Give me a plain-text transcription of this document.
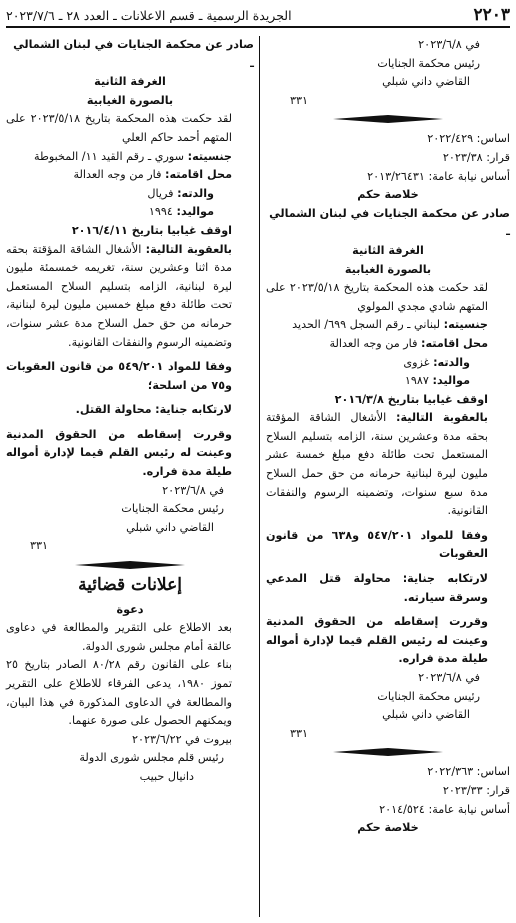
٢٢٠٣
الجريدة الرسمية ـ قسم الاعلانات ـ العدد ٢٨ ـ ٢٠٢٣/٧/٦

في ٢٠٢٣/٦/٨

رئيس محكمة الجنايات

القاضي داني شبلي

٣٣١

اساس: ٢٠٢٢/٤٢٩

قرار: ٢٠٢٣/٣٨

أساس نيابة عامة: ٢٠١٣/٢٦٤٣١

خلاصة حكم

صادر عن محكمة الجنايات في لبنان الشمالي ـ

الغرفة الثانية

بالصورة الغيابية

لقد حكمت هذه المحكمة بتاريخ ٢٠٢٣/٥/١٨ على المتهم شادي مجدي المولوي

جنسيته: لبناني ـ رقم السجل ٦٩٩/ الحديد

محل اقامته: فار من وجه العدالة

والدته: غزوى

مواليد: ١٩٨٧

اوقف غيابيا بتاريخ ٢٠١٦/٣/٨

بالعقوبة التالية: الأشغال الشاقة المؤقتة بحقه مدة وعشرين سنة، الزامه بتسليم السلاح المستعمل تحت طائلة دفع مبلغ خمسة عشر مليون ليرة لبنانية حرمانه من حق حمل السلاح مدة سبع سنوات، وتضمينه الرسوم والنفقات القانونية.

وفقا للمواد ٥٤٧/٢٠١ و٦٣٨ من قانون العقوبات

لارتكابه جناية: محاولة قتل المدعي وسرقة سيارته.

وقررت إسقاطه من الحقوق المدنية وعينت له رئيس القلم قيما لإدارة أمواله طيلة مدة فراره.

في ٢٠٢٣/٦/٨

رئيس محكمة الجنايات

القاضي داني شبلي

٣٣١

اساس: ٢٠٢٢/٣٦٣

قرار: ٢٠٢٣/٣٣

أساس نيابة عامة: ٢٠١٤/٥٢٤

خلاصة حكم

صادر عن محكمة الجنايات في لبنان الشمالي ـ

الغرفة الثانية

بالصورة الغيابية

لقد حكمت هذه المحكمة بتاريخ ٢٠٢٣/٥/١٨ على المتهم أحمد حاكم العلي

جنسيته: سوري ـ رقم القيد ١١/ المخبوطة

محل اقامته: فار من وجه العدالة

والدته: فريال

مواليد: ١٩٩٤

اوقف غيابيا بتاريخ ٢٠١٦/٤/١١

بالعقوبة التالية: الأشغال الشاقة المؤقتة بحقه مدة اثنا وعشرين سنة، تغريمه خمسمئة مليون ليرة لبنانية، الزامه بتسليم السلاح المستعمل تحت طائلة دفع مبلغ خمسين مليون ليرة لبنانية، حرمانه من حق حمل السلاح مدة عشر سنوات، وتضمينه الرسوم والنفقات القانونية.

وفقا للمواد ٥٤٩/٢٠١ من قانون العقوبات و٧٥ من اسلحة؛

لارتكابه جناية: محاولة القتل.

وقررت إسقاطه من الحقوق المدنية وعينت له رئيس القلم قيما لإدارة أمواله طيلة مدة فراره.

في ٢٠٢٣/٦/٨

رئيس محكمة الجنايات

القاضي داني شبلي

٣٣١

إعلانات قضائية

دعوة

بعد الاطلاع على التقرير والمطالعة في دعاوى عالقة أمام مجلس شورى الدولة.

بناء على القانون رقم ٨٠/٢٨ الصادر بتاريخ ٢٥ تموز ١٩٨٠، يدعى الفرقاء للاطلاع على التقرير والمطالعة في الدعاوى المذكورة في هذا البيان، ويمكنهم الحصول على صورة عنهما.

بيروت في ٢٠٢٣/٦/٢٢

رئيس قلم مجلس شورى الدولة

دانيال حبيب
